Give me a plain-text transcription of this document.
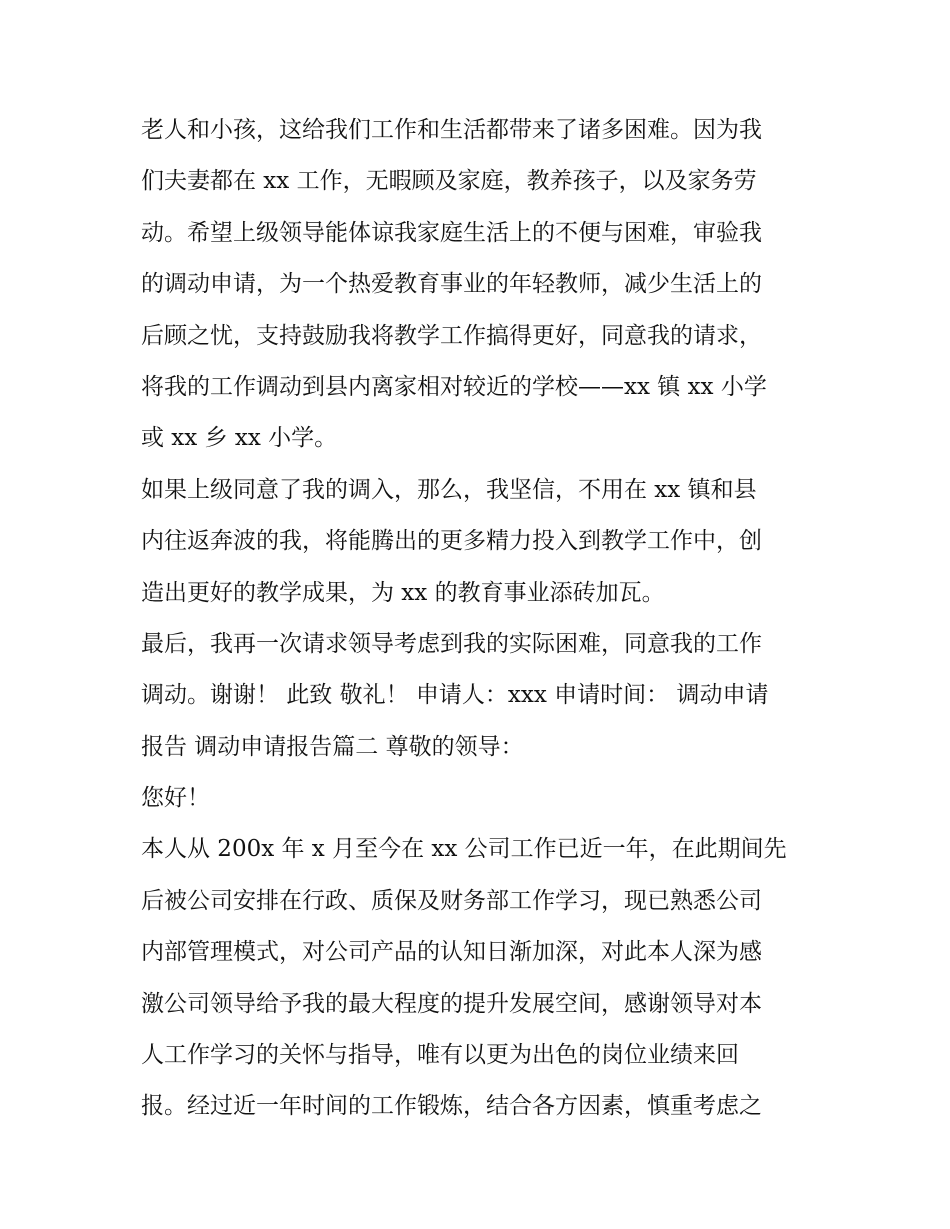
老人和小孩，这给我们工作和生活都带来了诸多困难。因为我
们夫妻都在 xx 工作，无暇顾及家庭，教养孩子，以及家务劳
动。希望上级领导能体谅我家庭生活上的不便与困难，审验我
的调动申请，为一个热爱教育事业的年轻教师，减少生活上的
后顾之忧，支持鼓励我将教学工作搞得更好，同意我的请求，
将我的工作调动到县内离家相对较近的学校——xx 镇 xx 小学
或 xx 乡 xx 小学。
如果上级同意了我的调入，那么，我坚信，不用在 xx 镇和县
内往返奔波的我，将能腾出的更多精力投入到教学工作中，创
造出更好的教学成果，为 xx 的教育事业添砖加瓦。
最后，我再一次请求领导考虑到我的实际困难，同意我的工作
调动。谢谢！ 此致 敬礼！ 申请人：xxx 申请时间： 调动申请
报告 调动申请报告篇二 尊敬的领导：
您好！
本人从 200x 年 x 月至今在 xx 公司工作已近一年，在此期间先
后被公司安排在行政、质保及财务部工作学习，现已熟悉公司
内部管理模式，对公司产品的认知日渐加深，对此本人深为感
激公司领导给予我的最大程度的提升发展空间，感谢领导对本
人工作学习的关怀与指导，唯有以更为出色的岗位业绩来回
报。经过近一年时间的工作锻炼，结合各方因素，慎重考虑之
